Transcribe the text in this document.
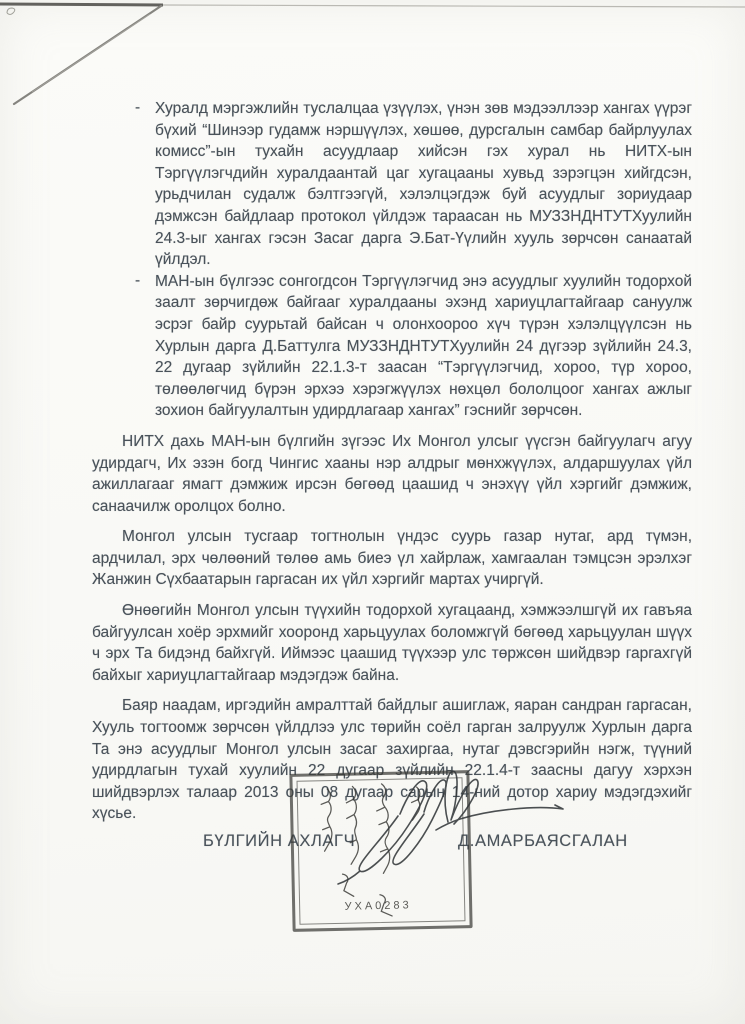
- Хуралд мэргэжлийн туслалцаа үзүүлэх, үнэн зөв мэдээллээр хангах үүрэг бүхий “Шинээр гудамж нэршүүлэх, хөшөө, дурсгалын самбар байрлуулах комисс”-ын тухайн асуудлаар хийсэн гэх хурал нь НИТХ-ын Тэргүүлэгчдийн хуралдаантай цаг хугацааны хувьд зэрэгцэн хийгдсэн, урьдчилан судалж бэлтгээгүй, хэлэлцэгдэж буй асуудлыг зориудаар дэмжсэн байдлаар протокол үйлдэж тараасан нь МУЗЗНДНТУТХуулийн 24.3-ыг хангах гэсэн Засаг дарга Э.Бат-Үүлийн хууль зөрчсөн санаатай үйлдэл.
- МАН-ын бүлгээс сонгогдсон Тэргүүлэгчид энэ асуудлыг хуулийн тодорхой заалт зөрчигдөж байгааг хуралдааны эхэнд хариуцлагтайгаар сануулж эсрэг байр суурьтай байсан ч олонхоороо хүч түрэн хэлэлцүүлсэн нь Хурлын дарга Д.Баттулга МУЗЗНДНТУТХуулийн 24 дүгээр зүйлийн 24.3, 22 дугаар зүйлийн 22.1.3-т заасан “Тэргүүлэгчид, хороо, түр хороо, төлөөлөгчид бүрэн эрхээ хэрэгжүүлэх нөхцөл бололцоог хангах ажлыг зохион байгуулалтын удирдлагаар хангах” гэснийг зөрчсөн.

НИТХ дахь МАН-ын бүлгийн зүгээс Их Монгол улсыг үүсгэн байгуулагч агуу удирдагч, Их эзэн богд Чингис хааны нэр алдрыг мөнхжүүлэх, алдаршуулах үйл ажиллагааг ямагт дэмжиж ирсэн бөгөөд цаашид ч энэхүү үйл хэргийг дэмжиж, санаачилж оролцох болно.

Монгол улсын тусгаар тогтнолын үндэс суурь газар нутаг, ард түмэн, ардчилал, эрх чөлөөний төлөө амь биеэ үл хайрлаж, хамгаалан тэмцсэн эрэлхэг Жанжин Сүхбаатарын гаргасан их үйл хэргийг мартах учиргүй.

Өнөөгийн Монгол улсын түүхийн тодорхой хугацаанд, хэмжээлшгүй их гавъяа байгуулсан хоёр эрхмийг хооронд харьцуулах боломжгүй бөгөөд харьцуулан шүүх ч эрх Та бидэнд байхгүй. Иймээс цаашид түүхээр улс төржсөн шийдвэр гаргахгүй байхыг хариуцлагтайгаар мэдэгдэж байна.

Баяр наадам, иргэдийн амралттай байдлыг ашиглаж, яаран сандран гаргасан, Хууль тогтоомж зөрчсөн үйлдлээ улс төрийн соёл гарган залруулж Хурлын дарга Та энэ асуудлыг Монгол улсын засаг захиргаа, нутаг дэвсгэрийн нэгж, түүний удирдлагын тухай хуулийн 22 дугаар зүйлийн 22.1.4-т заасны дагуу хэрхэн шийдвэрлэх талаар 2013 оны 08 дугаар сарын 14-ний дотор хариу мэдэгдэхийг хүсье.

БҮЛГИЙН АХЛАГЧ	Д.АМАРБАЯСГАЛАН
УХА0283
